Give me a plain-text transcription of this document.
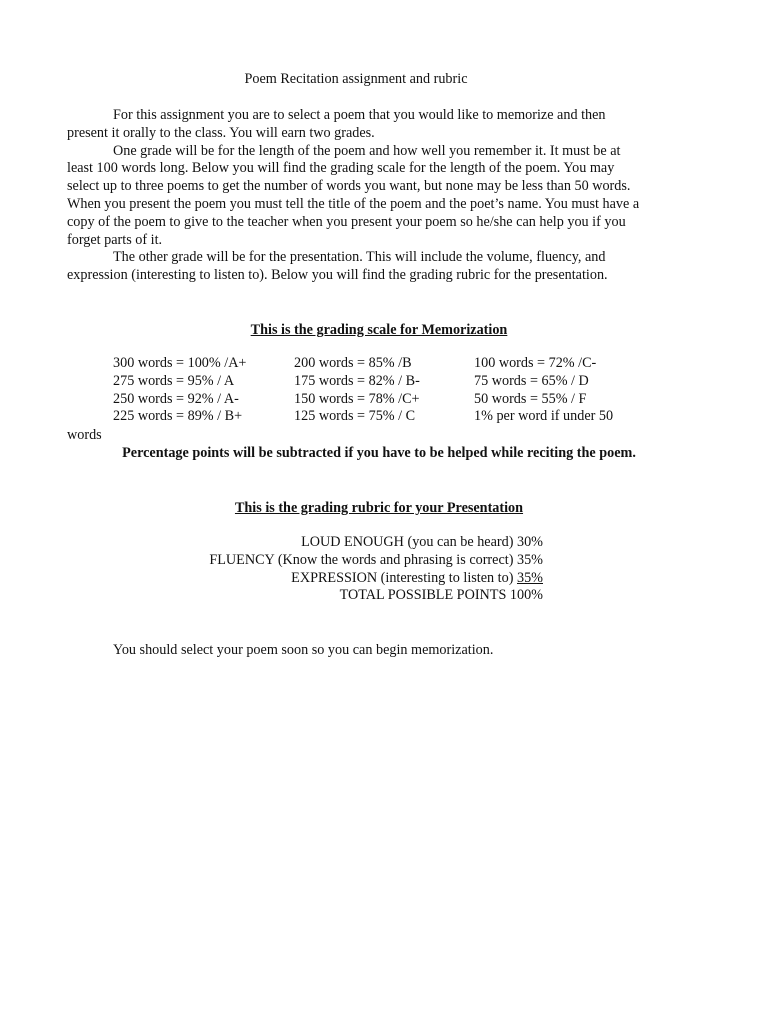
Poem Recitation assignment and rubric

For this assignment you are to select a poem that you would like to memorize and then present it orally to the class. You will earn two grades.

One grade will be for the length of the poem and how well you remember it. It must be at least 100 words long. Below you will find the grading scale for the length of the poem. You may select up to three poems to get the number of words you want, but none may be less than 50 words. When you present the poem you must tell the title of the poem and the poet’s name. You must have a copy of the poem to give to the teacher when you present your poem so he/she can help you if you forget parts of it.

The other grade will be for the presentation. This will include the volume, fluency, and expression (interesting to listen to). Below you will find the grading rubric for the presentation.

This is the grading scale for Memorization
300 words = 100% /A+	200 words = 85% /B	100 words = 72% /C-
275 words = 95% / A	175 words = 82% / B-	75 words = 65% / D
250 words = 92% / A-	150 words = 78% /C+	50 words = 55% / F
225 words = 89% / B+	125 words = 75% / C	1% per word if under 50
words
Percentage points will be subtracted if you have to be helped while reciting the poem.
This is the grading rubric for your Presentation
LOUD ENOUGH (you can be heard) 30%
FLUENCY (Know the words and phrasing is correct) 35%
EXPRESSION (interesting to listen to) 35%
TOTAL POSSIBLE POINTS 100%
You should select your poem soon so you can begin memorization.
